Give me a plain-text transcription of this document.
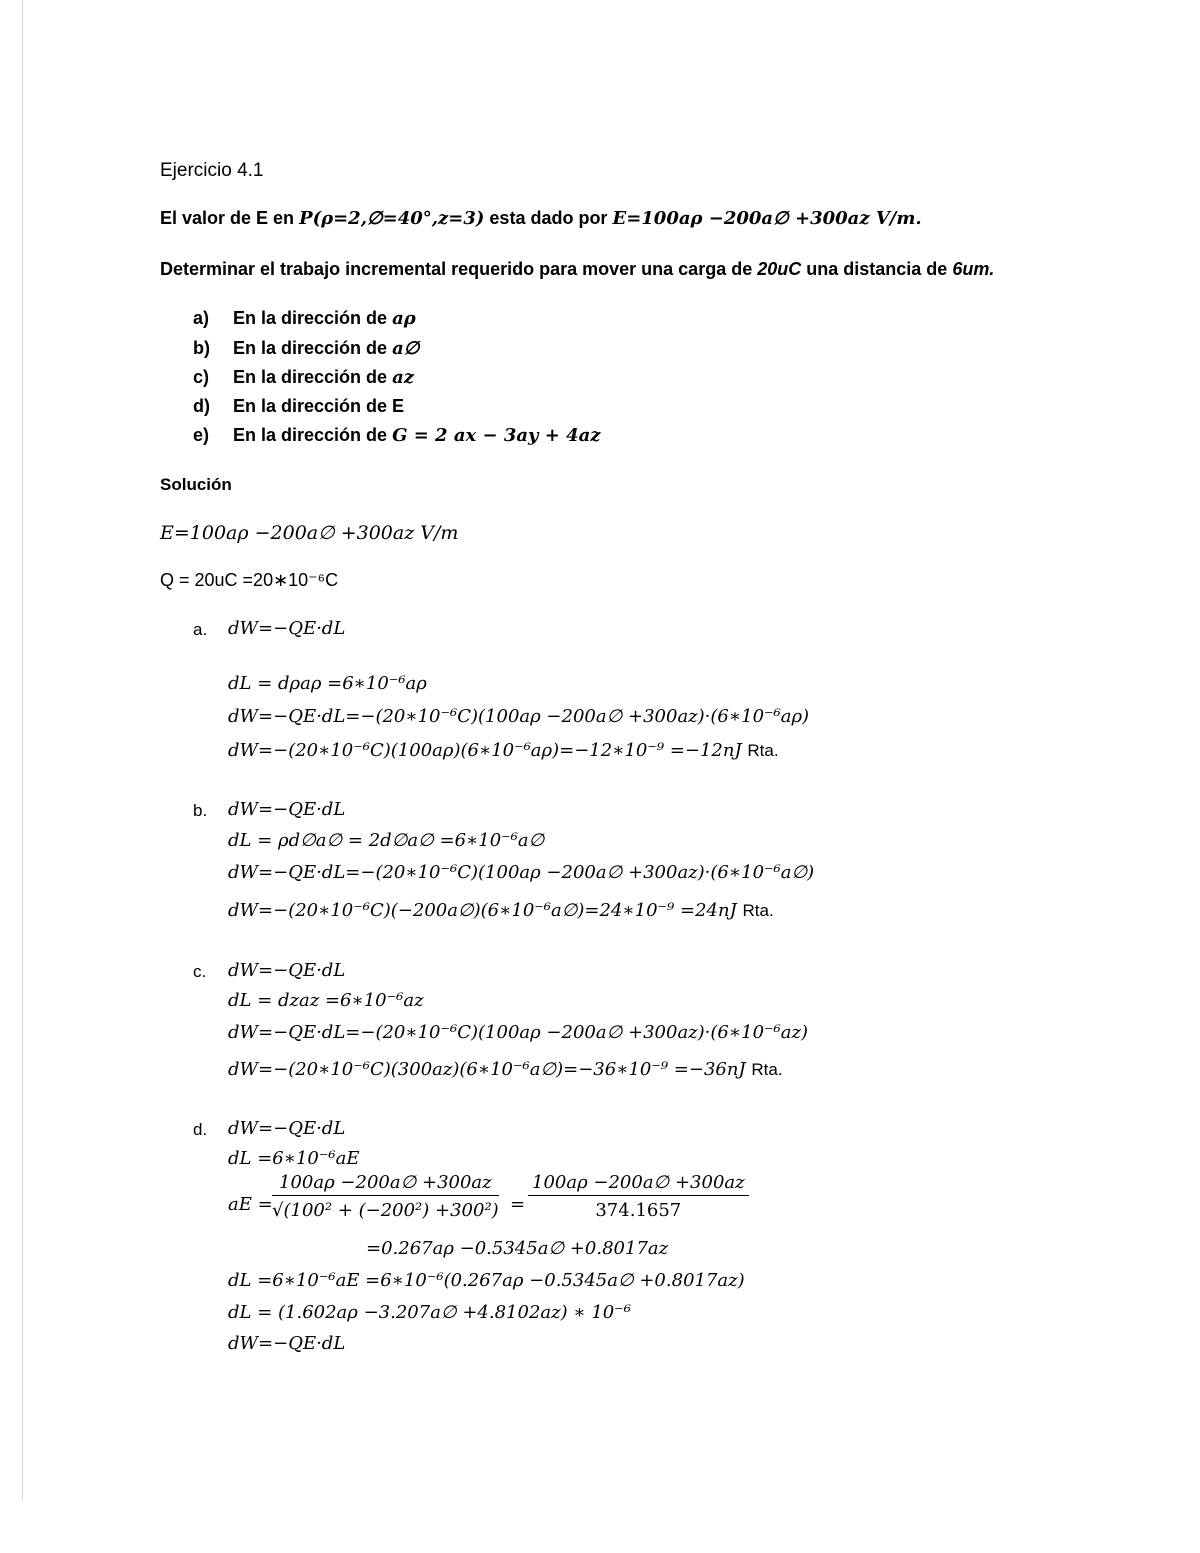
Ejercicio 4.1
El valor de E en P(ρ=2,∅=40°,z=3) esta dado por E=100aρ −200a∅ +300az V/m.
Determinar el trabajo incremental requerido para mover una carga de 20uC una distancia de 6um.
a) En la dirección de aρ
b) En la dirección de a∅
c) En la dirección de az
d) En la dirección de E
e) En la dirección de G = 2 ax − 3ay + 4az
Solución
E=100aρ −200a∅ +300az V/m
Q = 20uC =20∗10⁻⁶C
a. dW=−QE·dL
dL = dρaρ =6∗10⁻⁶aρ
dW=−QE·dL=−(20∗10⁻⁶C)(100aρ −200a∅ +300az)·(6∗10⁻⁶aρ)
dW=−(20∗10⁻⁶C)(100aρ)(6∗10⁻⁶aρ)=−12∗10⁻⁹ =−12nJ Rta.
b. dW=−QE·dL
dL = ρd∅a∅ = 2d∅a∅ =6∗10⁻⁶a∅
dW=−QE·dL=−(20∗10⁻⁶C)(100aρ −200a∅ +300az)·(6∗10⁻⁶a∅)
dW=−(20∗10⁻⁶C)(−200a∅)(6∗10⁻⁶a∅)=24∗10⁻⁹ =24nJ Rta.
c. dW=−QE·dL
dL = dzaz =6∗10⁻⁶az
dW=−QE·dL=−(20∗10⁻⁶C)(100aρ −200a∅ +300az)·(6∗10⁻⁶az)
dW=−(20∗10⁻⁶C)(300az)(6∗10⁻⁶a∅)=−36∗10⁻⁹ =−36nJ Rta.
d. dW=−QE·dL
dL =6∗10⁻⁶aE
aE = $\frac{100a\rho -200a\emptyset +300az}{\text{√(100² + (−200²) +300²)}} = \frac{100a\rho -200a\emptyset +300az}{374.1657}$
=0.267aρ −0.5345a∅ +0.8017az
dL =6∗10⁻⁶aE =6∗10⁻⁶(0.267aρ −0.5345a∅ +0.8017az)
dL = (1.602aρ −3.207a∅ +4.8102az) ∗ 10⁻⁶
dW=−QE·dL
